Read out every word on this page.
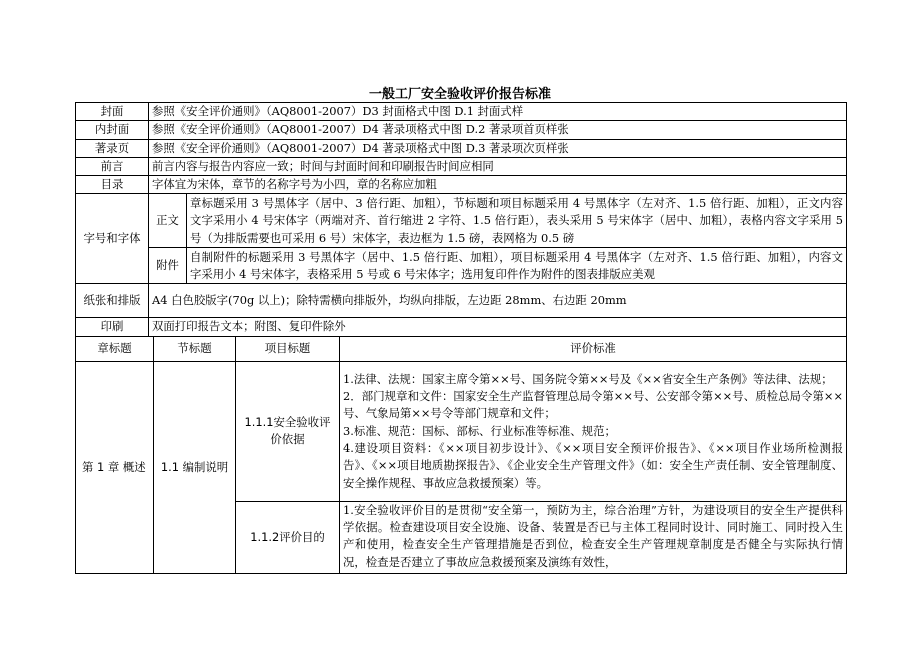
一般工厂安全验收评价报告标准
封面	参照《安全评价通则》（AQ8001-2007）D3 封面格式中图 D.1 封面式样				
内封面	参照《安全评价通则》（AQ8001-2007）D4 著录项格式中图 D.2 著录项首页样张				
著录页	参照《安全评价通则》（AQ8001-2007）D4 著录项格式中图 D.3 著录项次页样张				
前言	前言内容与报告内容应一致；时间与封面时间和印刷报告时间应相同				
目录	字体宜为宋体，章节的名称字号为小四，章的名称应加粗				
字号和字体	正文		章标题采用 3 号黑体字（居中、3 倍行距、加粗），节标题和项目标题采用 4 号黑体字（左对齐、1.5 倍行距、加粗），正文内容文字采用小 4 号宋体字（两端对齐、首行缩进 2 字符、1.5 倍行距），表头采用 5 号宋体字（居中、加粗），表格内容文字采用 5 号（为排版需要也可采用 6 号）宋体字，表边框为 1.5 磅，表网格为 0.5 磅		
	附件		自制附件的标题采用 3 号黑体字（居中、1.5 倍行距、加粗），项目标题采用 4 号黑体字（左对齐、1.5 倍行距、加粗），内容文字采用小 4 号宋体字，表格采用 5 号或 6 号宋体字；选用复印件作为附件的图表排版应美观		
纸张和排版	A4 白色胶版字(70g 以上)；除特需横向排版外，均纵向排版，左边距 28mm、右边距 20mm				
印刷	双面打印报告文本；附图、复印件除外				
章标题		节标题		项目标题	评价标准
第 1 章 概述		1.1 编制说明		1.1.1安全验收评价依据	1.法律、法规：国家主席令第××号、国务院令第××号及《××省安全生产条例》等法律、法规；
2．部门规章和文件：国家安全生产监督管理总局令第××号、公安部令第××号、质检总局令第××号、气象局第××号令等部门规章和文件；
3.标准、规范：国标、部标、行业标准等标准、规范；
4.建设项目资料：《××项目初步设计》、《××项目安全预评价报告》、《××项目作业场所检测报告》、《××项目地质勘探报告》、《企业安全生产管理文件》（如：安全生产责任制、安全管理制度、安全操作规程、事故应急救援预案）等。

				1.1.2评价目的	1.安全验收评价目的是贯彻“安全第一，预防为主，综合治理”方针，为建设项目的安全生产提供科学依据。检查建设项目安全设施、设备、装置是否已与主体工程同时设计、同时施工、同时投入生产和使用，检查安全生产管理措施是否到位，检查安全生产管理规章制度是否健全与实际执行情况，检查是否建立了事故应急救援预案及演练有效性，
